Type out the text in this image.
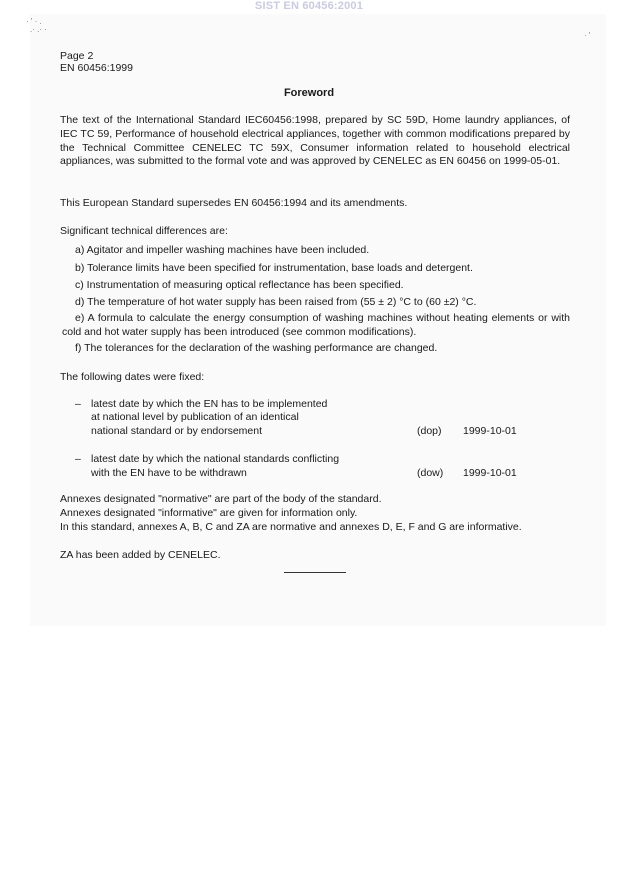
SIST EN 60456:2001
· ' · .
.· .· ·
· '
Page 2
EN 60456:1999
Foreword
The text of the International Standard IEC60456:1998, prepared by SC 59D, Home laundry appliances, of IEC TC 59, Performance of household electrical appliances, together with common modifications prepared by the Technical Committee CENELEC TC 59X, Consumer information related to household electrical appliances, was submitted to the formal vote and was approved by CENELEC as EN 60456 on 1999-05-01.
This European Standard supersedes EN 60456:1994 and its amendments.
Significant technical differences are:
a) Agitator and impeller washing machines have been included.
b) Tolerance limits have been specified for instrumentation, base loads and detergent.
c) Instrumentation of measuring optical reflectance has been specified.
d) The temperature of hot water supply has been raised from (55 ± 2) °C to (60 ±2) °C.
e) A formula to calculate the energy consumption of washing machines without heating elements or with cold and hot water supply has been introduced (see common modifications).
f) The tolerances for the declaration of the washing performance are changed.
The following dates were fixed:
– latest date by which the EN has to be implemented
at national level by publication of an identical
national standard or by endorsement	(dop) 1999-10-01
– latest date by which the national standards conflicting
with the EN have to be withdrawn	(dow) 1999-10-01
Annexes designated "normative" are part of the body of the standard.
Annexes designated "informative" are given for information only.
In this standard, annexes A, B, C and ZA are normative and annexes D, E, F and G are informative.
ZA has been added by CENELEC.
